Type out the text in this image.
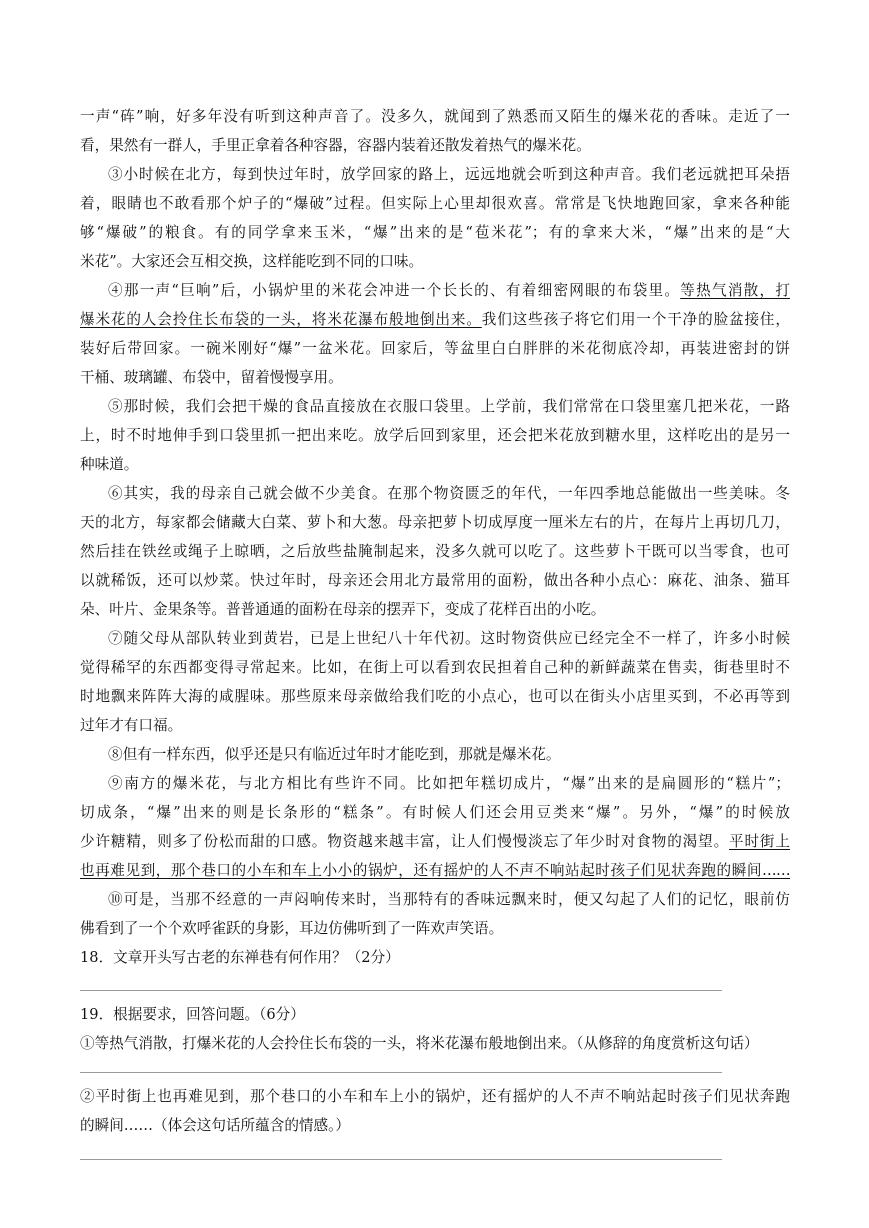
一声“砗”响，好多年没有听到这种声音了。没多久，就闻到了熟悉而又陌生的爆米花的香味。走近了一
看，果然有一群人，手里正拿着各种容器，容器内装着还散发着热气的爆米花。
③小时候在北方，每到快过年时，放学回家的路上，远远地就会听到这种声音。我们老远就把耳朵捂
着，眼睛也不敢看那个炉子的“爆破”过程。但实际上心里却很欢喜。常常是飞快地跑回家，拿来各种能
够“爆破”的粮食。有的同学拿来玉米，“爆”出来的是“苞米花”；有的拿来大米，“爆”出来的是“大
米花”。大家还会互相交换，这样能吃到不同的口味。
④那一声“巨响”后，小锅炉里的米花会冲进一个长长的、有着细密网眼的布袋里。等热气消散，打
爆米花的人会拎住长布袋的一头，将米花瀑布般地倒出来。我们这些孩子将它们用一个干净的脸盆接住，
装好后带回家。一碗米刚好“爆”一盆米花。回家后，等盆里白白胖胖的米花彻底冷却，再装进密封的饼
干桶、玻璃罐、布袋中，留着慢慢享用。
⑤那时候，我们会把干燥的食品直接放在衣服口袋里。上学前，我们常常在口袋里塞几把米花，一路
上，时不时地伸手到口袋里抓一把出来吃。放学后回到家里，还会把米花放到糖水里，这样吃出的是另一
种味道。
⑥其实，我的母亲自己就会做不少美食。在那个物资匮乏的年代，一年四季地总能做出一些美味。冬
天的北方，每家都会储藏大白菜、萝卜和大葱。母亲把萝卜切成厚度一厘米左右的片，在每片上再切几刀，
然后挂在铁丝或绳子上晾晒，之后放些盐腌制起来，没多久就可以吃了。这些萝卜干既可以当零食，也可
以就稀饭，还可以炒菜。快过年时，母亲还会用北方最常用的面粉，做出各种小点心：麻花、油条、猫耳
朵、叶片、金果条等。普普通通的面粉在母亲的摆弄下，变成了花样百出的小吃。
⑦随父母从部队转业到黄岩，已是上世纪八十年代初。这时物资供应已经完全不一样了，许多小时候
觉得稀罕的东西都变得寻常起来。比如，在街上可以看到农民担着自己种的新鲜蔬菜在售卖，街巷里时不
时地飘来阵阵大海的咸腥味。那些原来母亲做给我们吃的小点心，也可以在街头小店里买到，不必再等到
过年才有口福。
⑧但有一样东西，似乎还是只有临近过年时才能吃到，那就是爆米花。
⑨南方的爆米花，与北方相比有些许不同。比如把年糕切成片，“爆”出来的是扁圆形的“糕片”；
切成条，“爆”出来的则是长条形的“糕条”。有时候人们还会用豆类来“爆”。另外，“爆”的时候放
少许糖精，则多了份松而甜的口感。物资越来越丰富，让人们慢慢淡忘了年少时对食物的渴望。平时街上
也再难见到，那个巷口的小车和车上小小的锅炉，还有摇炉的人不声不响站起时孩子们见状奔跑的瞬间……
⑩可是，当那不经意的一声闷响传来时，当那特有的香味远飘来时，便又勾起了人们的记忆，眼前仿
佛看到了一个个欢呼雀跃的身影，耳边仿佛听到了一阵欢声笑语。
18．文章开头写古老的东禅巷有何作用？（2分）
19．根据要求，回答问题。（6分）
①等热气消散，打爆米花的人会拎住长布袋的一头，将米花瀑布般地倒出来。（从修辞的角度赏析这句话）
②平时街上也再难见到，那个巷口的小车和车上小的锅炉，还有摇炉的人不声不响站起时孩子们见状奔跑
的瞬间……（体会这句话所蕴含的情感。）
